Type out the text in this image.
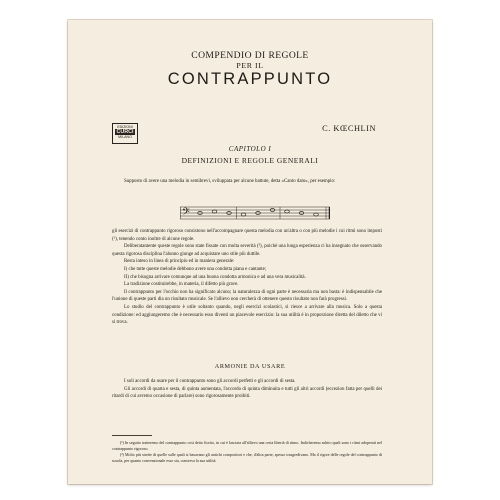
COMPENDIO DI REGOLE
PER IL
CONTRAPPUNTO
EDIZIONI
CURCI
MILANO
C. KŒCHLIN
CAPITOLO I
DEFINIZIONI E REGOLE GENERALI

Supposto di avere una melodia in semibrevi, sviluppata per alcune battute, detta «Canto dato», per esempio:

𝄢

gli esercizi di contrappunto rigoroso consistono nell'accompagnare questa melodia con un'altra o con più melodie i cui ritmi sono imposti (¹), tenendo conto inoltre di alcune regole.

Deliberatamente queste regole sono state fissate con molta severità (²), poichè una lunga esperienza ci ha insegnato che osservando questa rigorosa disciplina l'alunno giunge ad acquistare uno stile più duttile.

Resta inteso in linea di principio ed in maniera generale:

I) che tutte queste melodie debbono avere una condotta piana e cantante;

II) che bisogna arrivare comunque ad una buona condotta armonica e ad una vera musicalità.

La tradizione costituirebbe, in materia, il difetto più grave.

Il contrappunto per l'occhio non ha significato alcuno; la naturalezza di ogni parte è necessaria ma non basta: è indispensabile che l'unione di queste parti dia un risultato musicale. Se l'allievo non cercherà di ottenere questo risultato non farà progressi.

Lo studio del contrappunto è utile soltanto quando, negli esercizi scolastici, si riesce a arrivare alla musica. Solo a questa condizione: ed aggiungeremo che è necessario esso diventi un piacevole esercizio: la sua utilità è in proporzione diretta del diletto che vi si trova.

ARMONIE DA USARE

I soli accordi da usare per il contrappunto sono gli accordi perfetti e gli accordi di sesta.

Gli accordi di quarta e sesta, di quinta aumentata, l'accordo di quinta diminuita e tutti gli altri accordi (eccezion fatta per quelli dei ritardi di cui avremo occasione di parlare) sono rigorosamente proibiti.

(¹) In seguito tratteremo del contrappunto così detto fiorito, in cui è lasciata all'allievo una certa libertà di ritmo. Indicheremo subito quali sono i ritmi adoperati nel contrappunto rigoroso.

(²) Molto più strette di quelle sulle quali si basavano gli antichi compositori e che, d'altra parte, spesso trasgredivano. Ma il rigore delle regole del contrappunto di scuola, per quanto convenzionale esso sia, conserva la sua utilità.
